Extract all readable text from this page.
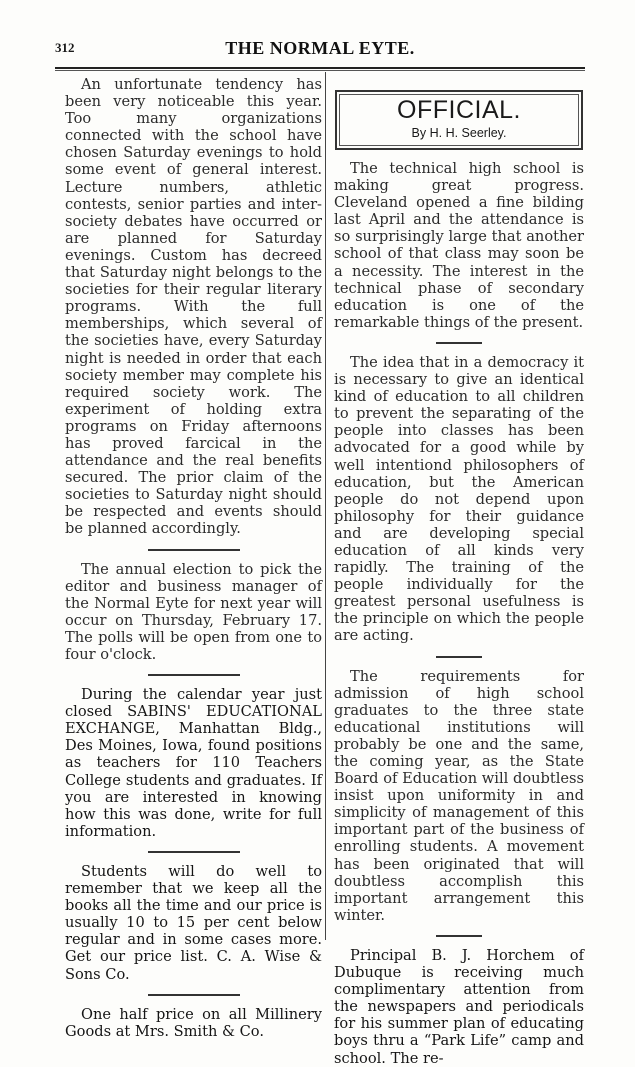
312	THE NORMAL EYTE.

An unfortunate tendency has been very noticeable this year. Too many organizations connected with the school have chosen Saturday evenings to hold some event of general interest. Lecture numbers, athletic contests, senior parties and inter-society debates have occurred or are planned for Saturday evenings. Custom has decreed that Saturday night belongs to the societies for their regular literary programs. With the full memberships, which several of the societies have, every Saturday night is needed in order that each society member may complete his required society work. The experiment of holding extra programs on Friday afternoons has proved farcical in the attendance and the real benefits secured. The prior claim of the societies to Saturday night should be respected and events should be planned accordingly.

The annual election to pick the editor and business manager of the Normal Eyte for next year will occur on Thursday, February 17. The polls will be open from one to four o'clock.

During the calendar year just closed SABINS' EDUCATIONAL EXCHANGE, Manhattan Bldg., Des Moines, Iowa, found positions as teachers for 110 Teachers College students and graduates. If you are interested in knowing how this was done, write for full information.

Students will do well to remember that we keep all the books all the time and our price is usually 10 to 15 per cent below regular and in some cases more. Get our price list. C. A. Wise & Sons Co.

One half price on all Millinery Goods at Mrs. Smith & Co.

OFFICIAL.
By H. H. Seerley.

The technical high school is making great progress. Cleveland opened a fine bilding last April and the attendance is so surprisingly large that another school of that class may soon be a necessity. The interest in the technical phase of secondary education is one of the remarkable things of the present.

The idea that in a democracy it is necessary to give an identical kind of education to all children to prevent the separating of the people into classes has been advocated for a good while by well intentiond philosophers of education, but the American people do not depend upon philosophy for their guidance and are developing special education of all kinds very rapidly. The training of the people individually for the greatest personal usefulness is the principle on which the people are acting.

The requirements for admission of high school graduates to the three state educational institutions will probably be one and the same, the coming year, as the State Board of Education will doubtless insist upon uniformity in and simplicity of management of this important part of the business of enrolling students. A movement has been originated that will doubtless accomplish this important arrangement this winter.

Principal B. J. Horchem of Dubuque is receiving much complimentary attention from the newspapers and periodicals for his summer plan of educating boys thru a “Park Life” camp and school. The re-
